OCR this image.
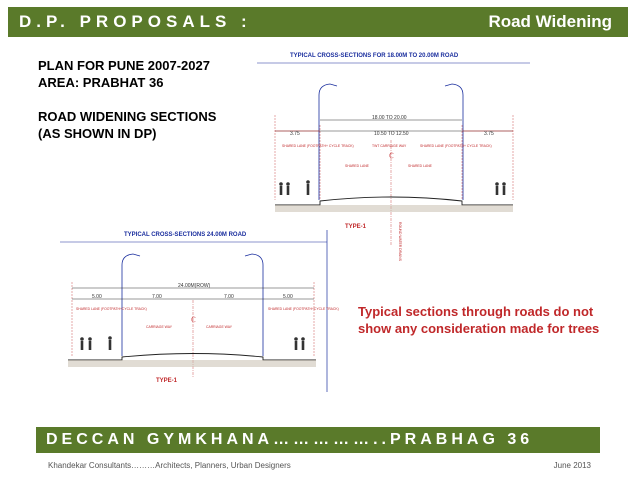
D.P. PROPOSALS :	Road Widening
PLAN FOR PUNE 2007-2027
AREA: PRABHAT 36
ROAD WIDENING SECTIONS
(AS SHOWN IN DP)
TYPICAL CROSS-SECTIONS FOR 18.00M TO 20.00M ROAD
TYPICAL CROSS-SECTIONS 24.00M ROAD
18.00 TO 20.00
10.50 TO 12.50
3.75	3.75
SHARED LANE (FOOTPATH+ CYCLE TRACK)	SHARED LANE (FOOTPATH+ CYCLE TRACK)
TWT CARRIAGE WAY
SHARED LANE	SHARED LANE
ℂ
TYPE-1	ROUND WATER DRAINS
24.00M(ROW)
5.00	7.00	7.00	5.00
SHARED LANE (FOOTPATH+CYCLE TRACK)	SHARED LANE (FOOTPATH+CYCLE TRACK)
CARRIAGE WAY	CARRIAGE WAY
ℂ
TYPE-1
Typical sections through roads do not show any consideration made for trees
DECCAN GYMKHANA……………..PRABHAG 36
Khandekar Consultants………Architects, Planners, Urban Designers	June 2013
